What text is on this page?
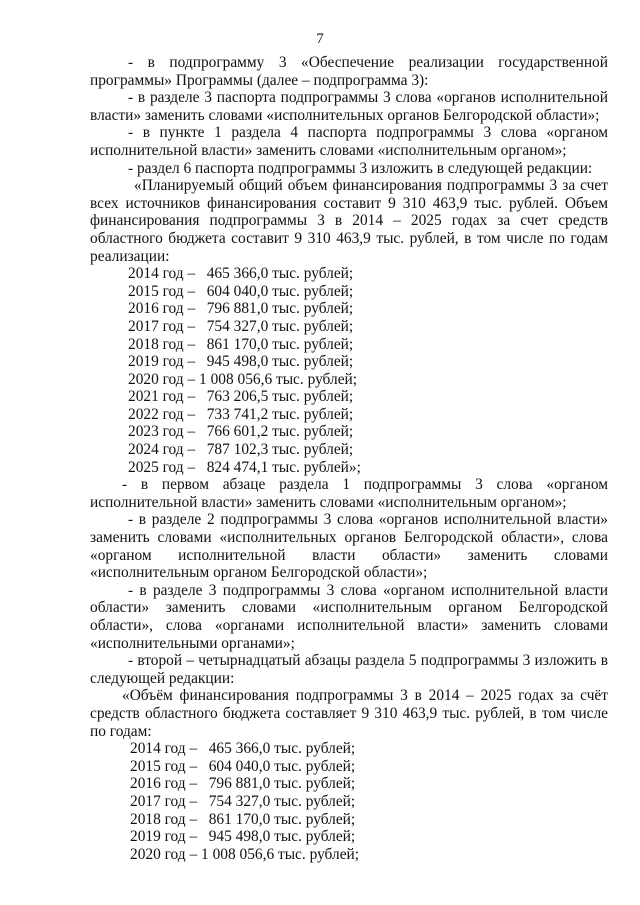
7

- в подпрограмму 3 «Обеспечение реализации государственной программы» Программы (далее – подпрограмма 3):

- в разделе 3 паспорта подпрограммы 3 слова «органов исполнительной власти» заменить словами «исполнительных органов Белгородской области»;

- в пункте 1 раздела 4 паспорта подпрограммы 3 слова «органом исполнительной власти» заменить словами «исполнительным органом»;

- раздел 6 паспорта подпрограммы 3 изложить в следующей редакции:

«Планируемый общий объем финансирования подпрограммы 3 за счет всех источников финансирования составит 9 310 463,9 тыс. рублей. Объем финансирования подпрограммы 3 в 2014 – 2025 годах за счет средств областного бюджета составит 9 310 463,9 тыс. рублей, в том числе по годам реализации:

2014 год –   465 366,0 тыс. рублей;
2015 год –   604 040,0 тыс. рублей;
2016 год –   796 881,0 тыс. рублей;
2017 год –   754 327,0 тыс. рублей;
2018 год –   861 170,0 тыс. рублей;
2019 год –   945 498,0 тыс. рублей;
2020 год – 1 008 056,6 тыс. рублей;
2021 год –   763 206,5 тыс. рублей;
2022 год –   733 741,2 тыс. рублей;
2023 год –   766 601,2 тыс. рублей;
2024 год –   787 102,3 тыс. рублей;
2025 год –   824 474,1 тыс. рублей»;

- в первом абзаце раздела 1 подпрограммы 3 слова «органом исполнительной власти» заменить словами «исполнительным органом»;

- в разделе 2 подпрограммы 3 слова «органов исполнительной власти» заменить словами «исполнительных органов Белгородской области», слова «органом исполнительной власти области» заменить словами «исполнительным органом Белгородской области»;

- в разделе 3 подпрограммы 3 слова «органом исполнительной власти области» заменить словами «исполнительным органом Белгородской области», слова «органами исполнительной власти» заменить словами «исполнительными органами»;

- второй – четырнадцатый абзацы раздела 5 подпрограммы 3 изложить в следующей редакции:

«Объём финансирования подпрограммы 3 в 2014 – 2025 годах за счёт средств областного бюджета составляет 9 310 463,9 тыс. рублей, в том числе по годам:

2014 год –   465 366,0 тыс. рублей;
2015 год –   604 040,0 тыс. рублей;
2016 год –   796 881,0 тыс. рублей;
2017 год –   754 327,0 тыс. рублей;
2018 год –   861 170,0 тыс. рублей;
2019 год –   945 498,0 тыс. рублей;
2020 год – 1 008 056,6 тыс. рублей;
